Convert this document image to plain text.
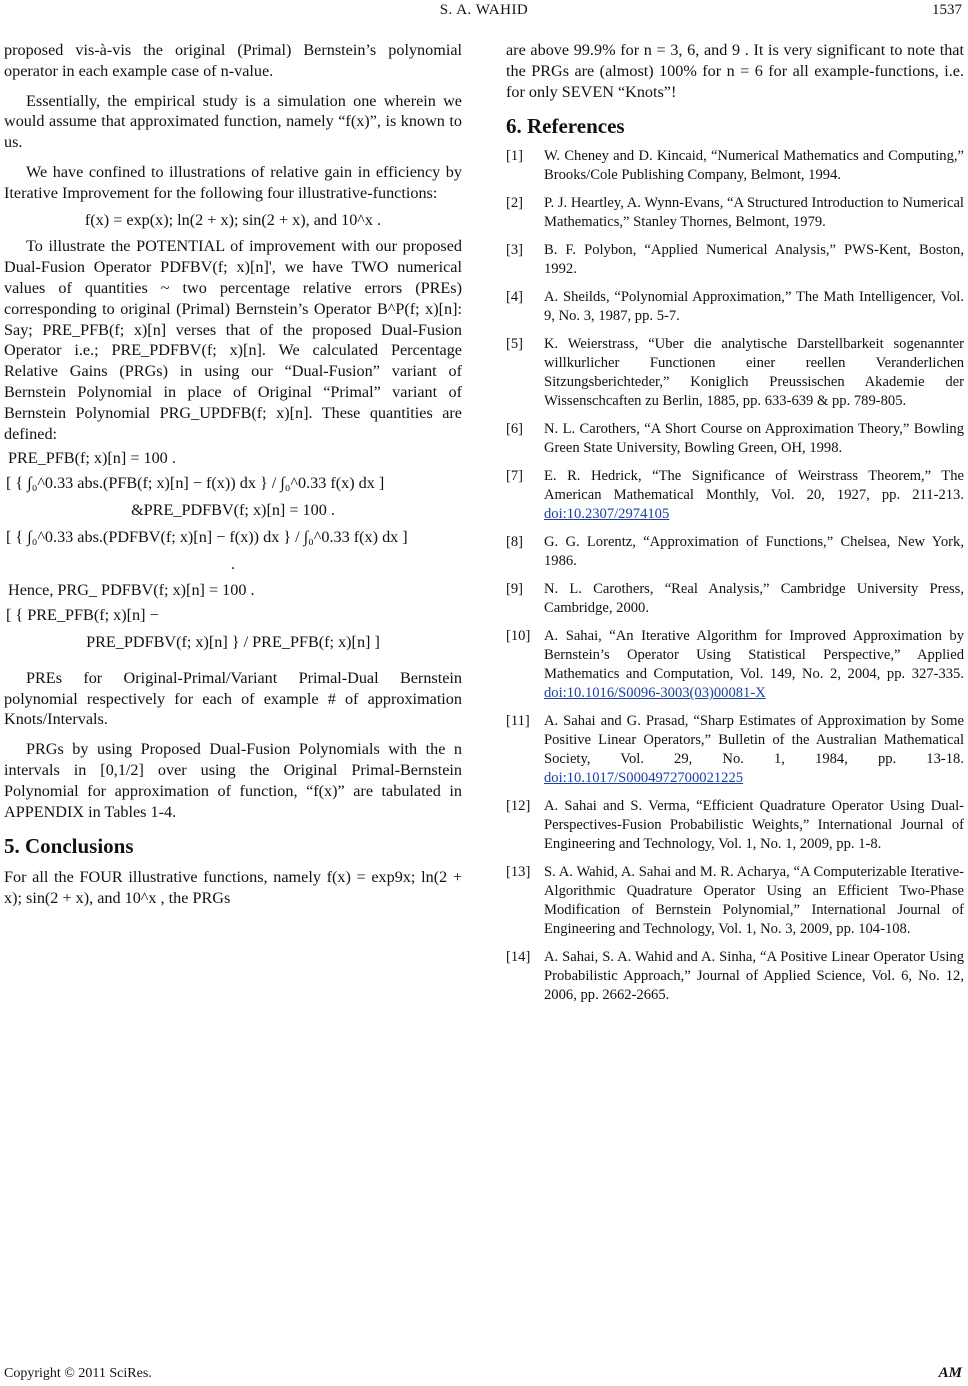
S. A. WAHID	1537

proposed vis-à-vis the original (Primal) Bernstein’s polynomial operator in each example case of n-value.

Essentially, the empirical study is a simulation one wherein we would assume that approximated function, namely “f(x)”, is known to us.

We have confined to illustrations of relative gain in efficiency by Iterative Improvement for the following four illustrative-functions:

f(x) = exp(x); ln(2 + x); sin(2 + x), and 10^x .

To illustrate the POTENTIAL of improvement with our proposed Dual-Fusion Operator PDFBV(f; x)[n]', we have TWO numerical values of quantities ~ two percentage relative errors (PREs) corresponding to original (Primal) Bernstein’s Operator B^P(f; x)[n]: Say; PRE_PFB(f; x)[n] verses that of the proposed Dual-Fusion Operator i.e.; PRE_PDFBV(f; x)[n]. We calculated Percentage Relative Gains (PRGs) in using our “Dual-Fusion” variant of Bernstein Polynomial in place of Original “Primal” variant of Bernstein Polynomial PRG_UPDFB(f; x)[n]. These quantities are defined:

PRE_PFB(f; x)[n] = 100 .
[ { ∫₀^0.33 abs.(PFB(f; x)[n] − f(x)) dx } / ∫₀^0.33 f(x) dx ]
&PRE_PDFBV(f; x)[n] = 100 .
[ { ∫₀^0.33 abs.(PDFBV(f; x)[n] − f(x)) dx } / ∫₀^0.33 f(x) dx ]
.
Hence, PRG_ PDFBV(f; x)[n] = 100 .
[ { PRE_PFB(f; x)[n] −
PRE_PDFBV(f; x)[n] } / PRE_PFB(f; x)[n] ]

PREs for Original-Primal/Variant Primal-Dual Bernstein polynomial respectively for each of example # of approximation Knots/Intervals.

PRGs by using Proposed Dual-Fusion Polynomials with the n intervals in [0,1/2] over using the Original Primal-Bernstein Polynomial for approximation of function, “f(x)” are tabulated in APPENDIX in Tables 1-4.

5. Conclusions

For all the FOUR illustrative functions, namely f(x) = exp9x; ln(2 + x); sin(2 + x), and 10^x , the PRGs

are above 99.9% for n = 3, 6, and 9 . It is very significant to note that the PRGs are (almost) 100% for n = 6 for all example-functions, i.e. for only SEVEN “Knots”!

6. References
[1] W. Cheney and D. Kincaid, “Numerical Mathematics and Computing,” Brooks/Cole Publishing Company, Belmont, 1994.
[2] P. J. Heartley, A. Wynn-Evans, “A Structured Introduction to Numerical Mathematics,” Stanley Thornes, Belmont, 1979.
[3] B. F. Polybon, “Applied Numerical Analysis,” PWS-Kent, Boston, 1992.
[4] A. Sheilds, “Polynomial Approximation,” The Math Intelligencer, Vol. 9, No. 3, 1987, pp. 5-7.
[5] K. Weierstrass, “Uber die analytische Darstellbarkeit sogenannter willkurlicher Functionen einer reellen Veranderlichen Sitzungsberichteder,” Koniglich Preussischen Akademie der Wissenschcaften zu Berlin, 1885, pp. 633-639 & pp. 789-805.
[6] N. L. Carothers, “A Short Course on Approximation Theory,” Bowling Green State University, Bowling Green, OH, 1998.
[7] E. R. Hedrick, “The Significance of Weirstrass Theorem,” The American Mathematical Monthly, Vol. 20, 1927, pp. 211-213. doi:10.2307/2974105
[8] G. G. Lorentz, “Approximation of Functions,” Chelsea, New York, 1986.
[9] N. L. Carothers, “Real Analysis,” Cambridge University Press, Cambridge, 2000.
[10] A. Sahai, “An Iterative Algorithm for Improved Approximation by Bernstein’s Operator Using Statistical Perspective,” Applied Mathematics and Computation, Vol. 149, No. 2, 2004, pp. 327-335. doi:10.1016/S0096-3003(03)00081-X
[11] A. Sahai and G. Prasad, “Sharp Estimates of Approximation by Some Positive Linear Operators,” Bulletin of the Australian Mathematical Society, Vol. 29, No. 1, 1984, pp. 13-18. doi:10.1017/S0004972700021225
[12] A. Sahai and S. Verma, “Efficient Quadrature Operator Using Dual-Perspectives-Fusion Probabilistic Weights,” International Journal of Engineering and Technology, Vol. 1, No. 1, 2009, pp. 1-8.
[13] S. A. Wahid, A. Sahai and M. R. Acharya, “A Computerizable Iterative-Algorithmic Quadrature Operator Using an Efficient Two-Phase Modification of Bernstein Polynomial,” International Journal of Engineering and Technology, Vol. 1, No. 3, 2009, pp. 104-108.
[14] A. Sahai, S. A. Wahid and A. Sinha, “A Positive Linear Operator Using Probabilistic Approach,” Journal of Applied Science, Vol. 6, No. 12, 2006, pp. 2662-2665.
Copyright © 2011 SciRes.	AM
